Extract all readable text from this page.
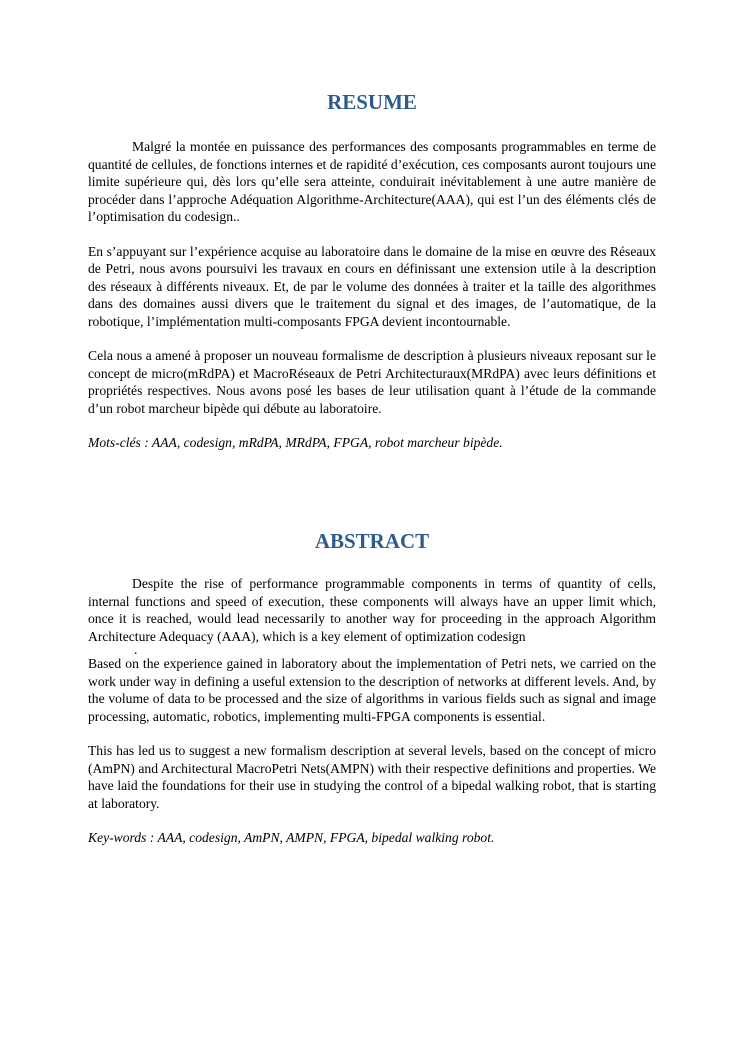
RESUME

Malgré la montée en puissance des performances des composants programmables en terme de quantité de cellules, de fonctions internes et de rapidité d’exécution, ces composants auront toujours une limite supérieure qui, dès lors qu’elle sera atteinte, conduirait inévitablement à une autre manière de procéder dans l’approche Adéquation Algorithme-Architecture(AAA), qui est l’un des éléments clés de l’optimisation du codesign..

En s’appuyant sur l’expérience acquise au laboratoire dans le domaine de la mise en œuvre des Réseaux de Petri, nous avons poursuivi les travaux en cours en définissant une extension utile à la description des réseaux à différents niveaux. Et, de par le volume des données à traiter et la taille des algorithmes dans des domaines aussi divers que le traitement du signal et des images, de l’automatique, de la robotique, l’implémentation multi-composants FPGA devient incontournable.

Cela nous a amené à proposer un nouveau formalisme de description à plusieurs niveaux reposant sur le concept de micro(mRdPA) et MacroRéseaux de Petri Architecturaux(MRdPA) avec leurs définitions et propriétés respectives. Nous avons posé les bases de leur utilisation quant à l’étude de la commande d’un robot marcheur bipède qui débute au laboratoire.

Mots-clés : AAA, codesign, mRdPA, MRdPA, FPGA, robot marcheur bipède.

ABSTRACT

Despite the rise of performance programmable components in terms of quantity of cells, internal functions and speed of execution, these components will always have an upper limit which, once it is reached, would lead necessarily to another way for proceeding in the approach Algorithm Architecture Adequacy (AAA), which is a key element of optimization codesign

.

Based on the experience gained in laboratory about the implementation of Petri nets, we carried on the work under way in defining a useful extension to the description of networks at different levels. And, by the volume of data to be processed and the size of algorithms in various fields such as signal and image processing, automatic, robotics, implementing multi-FPGA components is essential.

This has led us to suggest a new formalism description at several levels, based on the concept of micro (AmPN) and Architectural MacroPetri Nets(AMPN) with their respective definitions and properties. We have laid the foundations for their use in studying the control of a bipedal walking robot, that is starting at laboratory.

Key-words : AAA, codesign, AmPN, AMPN, FPGA, bipedal walking robot.
